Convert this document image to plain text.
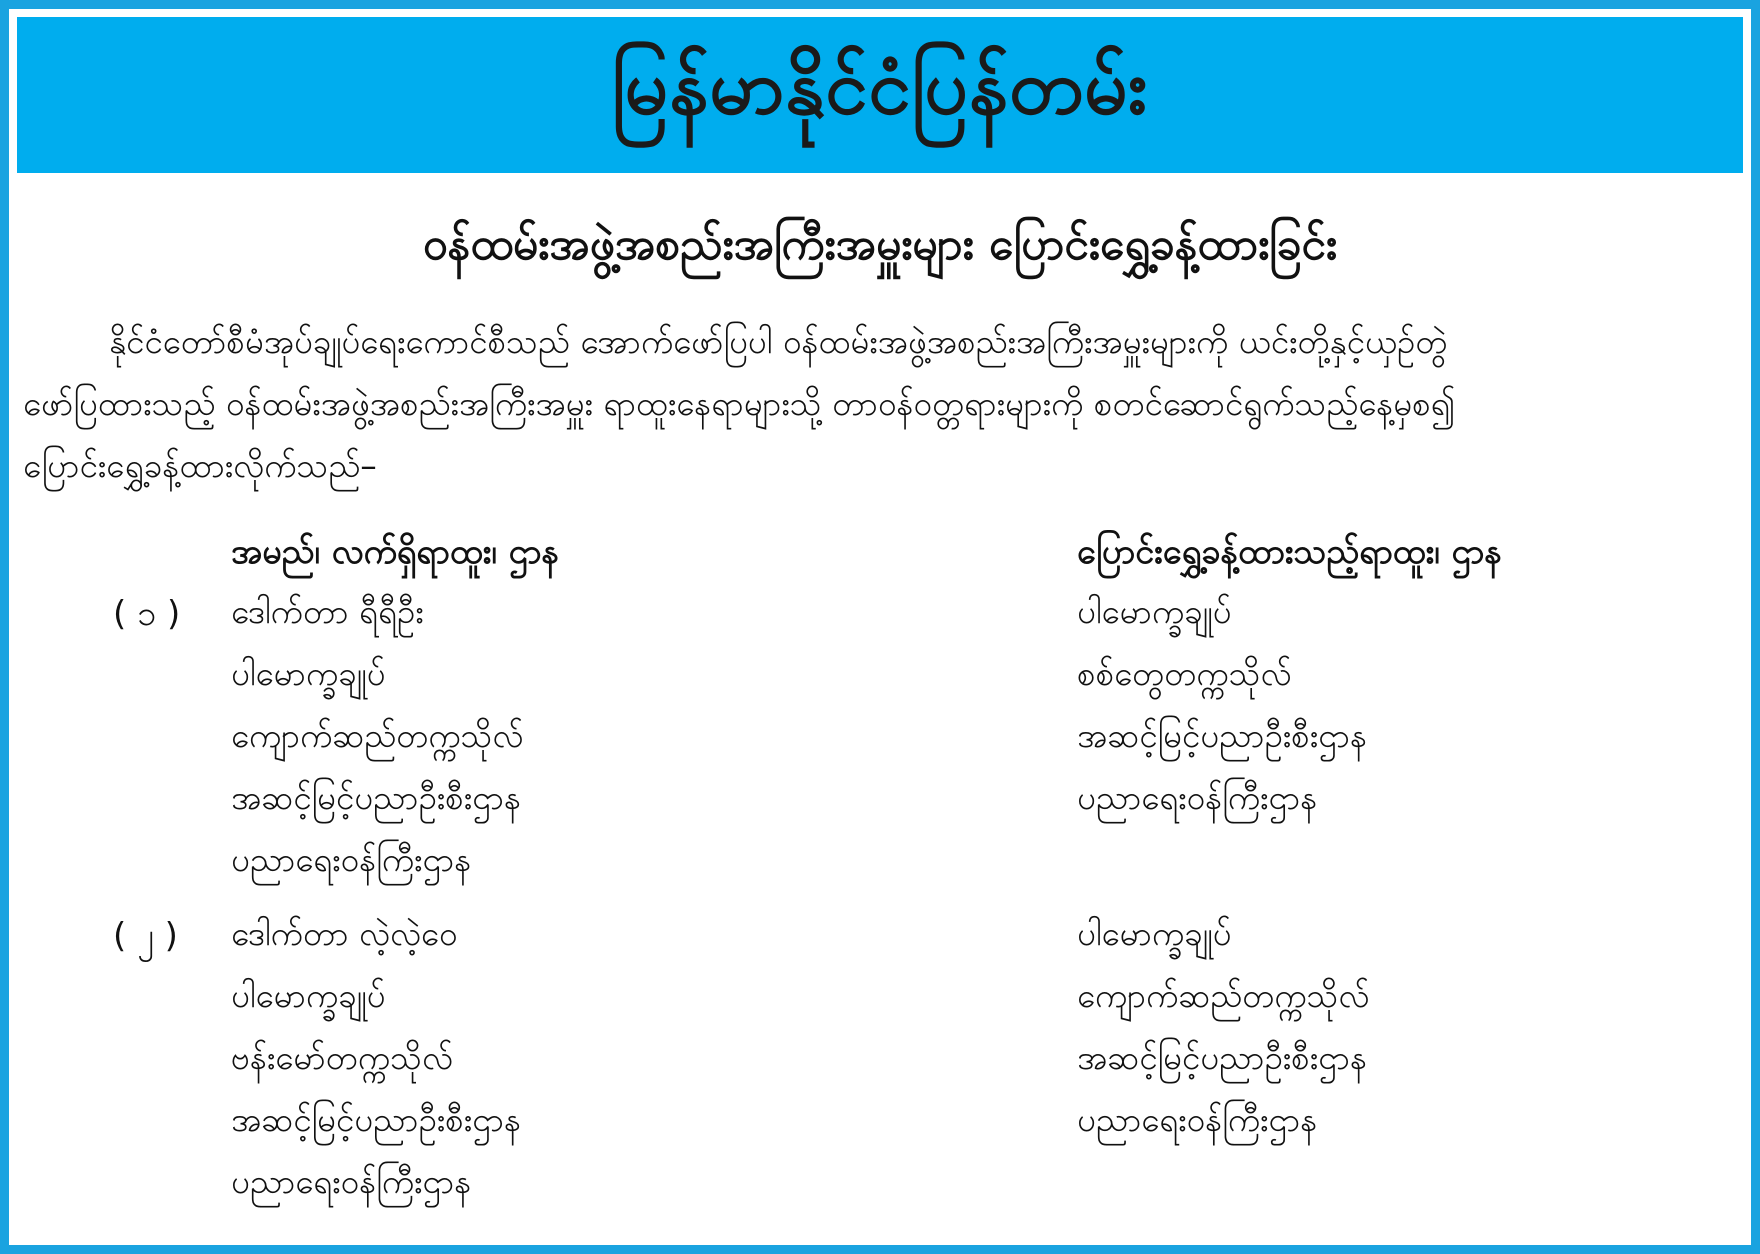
မြန်မာနိုင်ငံပြန်တမ်း
ဝန်ထမ်းအဖွဲ့အစည်းအကြီးအမှူးများ ပြောင်းရွှေ့ခန့်ထားခြင်း
နိုင်ငံတော်စီမံအုပ်ချုပ်ရေးကောင်စီသည် အောက်ဖော်ပြပါ ဝန်ထမ်းအဖွဲ့အစည်းအကြီးအမှူးများကို ယင်းတို့နှင့်ယှဉ်တွဲ
ဖော်ပြထားသည့် ဝန်ထမ်းအဖွဲ့အစည်းအကြီးအမှူး ရာထူးနေရာများသို့ တာဝန်ဝတ္တရားများကို စတင်ဆောင်ရွက်သည့်နေ့မှစ၍
ပြောင်းရွှေ့ခန့်ထားလိုက်သည်–
အမည်၊ လက်ရှိရာထူး၊ ဌာန	ပြောင်းရွှေ့ခန့်ထားသည့်ရာထူး၊ ဌာန
( ၁ ) ဒေါက်တာ ရီရီဦး
ပါမောက္ခချုပ်
ကျောက်ဆည်တက္ကသိုလ်
အဆင့်မြင့်ပညာဦးစီးဌာန
ပညာရေးဝန်ကြီးဌာန
ပါမောက္ခချုပ်
စစ်တွေတက္ကသိုလ်
အဆင့်မြင့်ပညာဦးစီးဌာန
ပညာရေးဝန်ကြီးဌာန
( ၂ ) ဒေါက်တာ လဲ့လဲ့ဝေ
ပါမောက္ခချုပ်
ဗန်းမော်တက္ကသိုလ်
အဆင့်မြင့်ပညာဦးစီးဌာန
ပညာရေးဝန်ကြီးဌာန
ပါမောက္ခချုပ်
ကျောက်ဆည်တက္ကသိုလ်
အဆင့်မြင့်ပညာဦးစီးဌာန
ပညာရေးဝန်ကြီးဌာန
